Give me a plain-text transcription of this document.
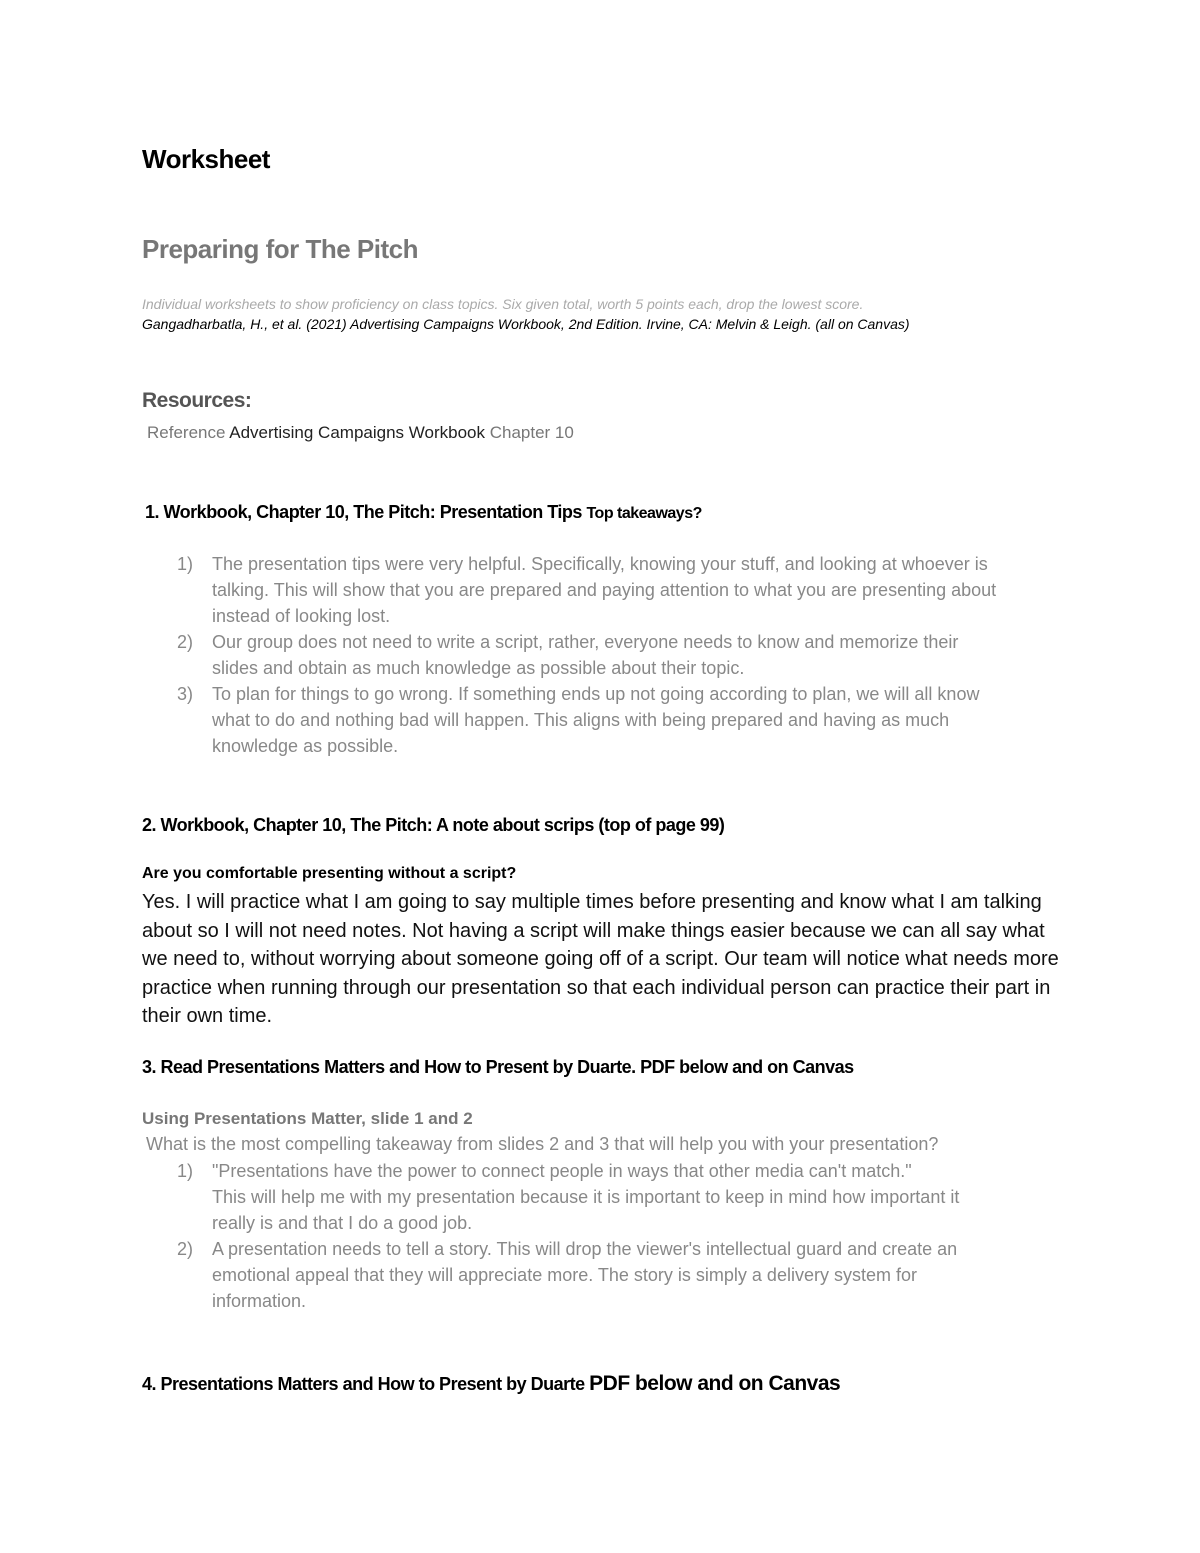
Worksheet
Preparing for The Pitch

Individual worksheets to show proficiency on class topics. Six given total, worth 5 points each, drop the lowest score.

Gangadharbatla, H., et al. (2021) Advertising Campaigns Workbook, 2nd Edition. Irvine, CA: Melvin & Leigh. (all on Canvas)

Resources:

Reference Advertising Campaigns Workbook Chapter 10

1. Workbook, Chapter 10, The Pitch: Presentation Tips Top takeaways?
1) The presentation tips were very helpful. Specifically, knowing your stuff, and looking at whoever is talking. This will show that you are prepared and paying attention to what you are presenting about instead of looking lost.
2) Our group does not need to write a script, rather, everyone needs to know and memorize their slides and obtain as much knowledge as possible about their topic.
3) To plan for things to go wrong. If something ends up not going according to plan, we will all know what to do and nothing bad will happen. This aligns with being prepared and having as much knowledge as possible.
2. Workbook, Chapter 10, The Pitch: A note about scrips (top of page 99)

Are you comfortable presenting without a script?

Yes. I will practice what I am going to say multiple times before presenting and know what I am talking about so I will not need notes. Not having a script will make things easier because we can all say what we need to, without worrying about someone going off of a script. Our team will notice what needs more practice when running through our presentation so that each individual person can practice their part in their own time.

3. Read Presentations Matters and How to Present by Duarte. PDF below and on Canvas

Using Presentations Matter, slide 1 and 2

What is the most compelling takeaway from slides 2 and 3 that will help you with your presentation?

1) "Presentations have the power to connect people in ways that other media can't match."
This will help me with my presentation because it is important to keep in mind how important it really is and that I do a good job.
2) A presentation needs to tell a story. This will drop the viewer's intellectual guard and create an emotional appeal that they will appreciate more. The story is simply a delivery system for information.
4. Presentations Matters and How to Present by Duarte PDF below and on Canvas
